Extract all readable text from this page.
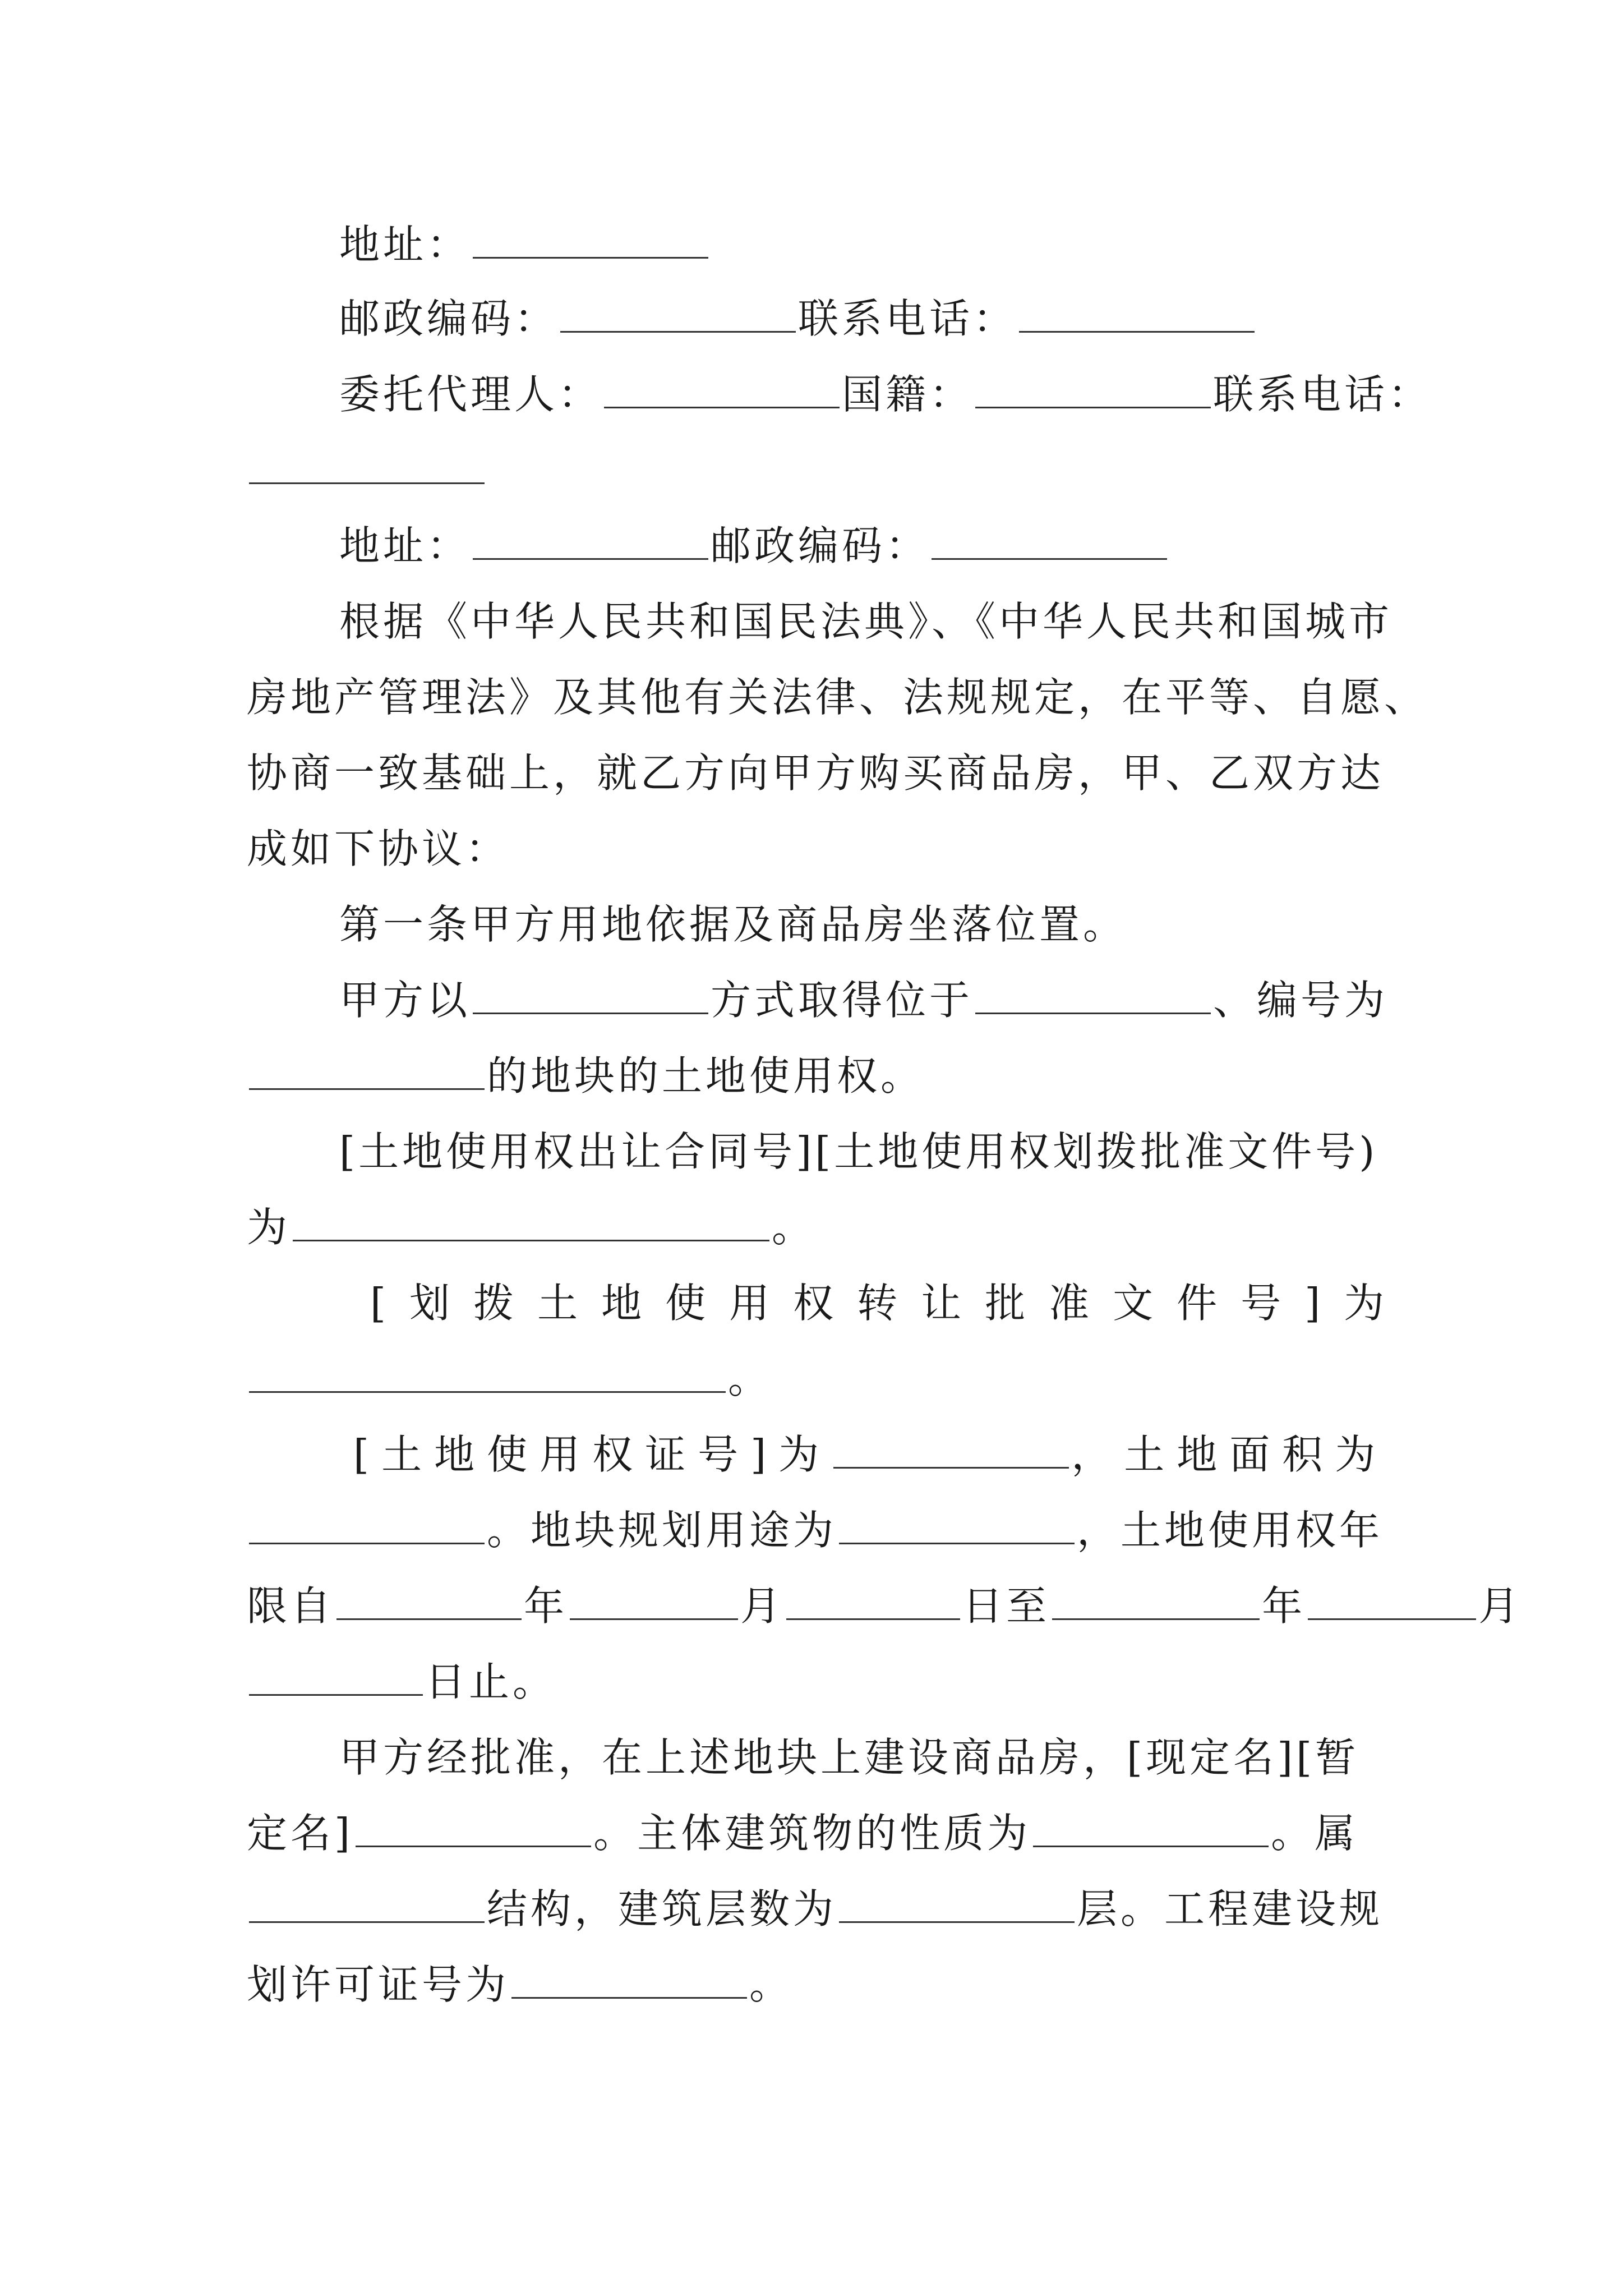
地址：
邮政编码：	联系电话：
委托代理人：	国籍：	联系电话：
地址：	邮政编码：
根据《中华人民共和国民法典》、《中华人民共和国城市
房地产管理法》及其他有关法律、法规规定，在平等、自愿、
协商一致基础上，就乙方向甲方购买商品房，甲、乙双方达
成如下协议：
第一条甲方用地依据及商品房坐落位置。
甲方以	方式取得位于	、编号为
的地块的土地使用权。
[土地使用权出让合同号][土地使用权划拨批准文件号)
为	。
[划拨土地使用权转让批准文件号]为
。
[土地使用权证号]为	，土地面积为
。地块规划用途为	，土地使用权年
限自	年	月	日至	年	月
日止。
甲方经批准，在上述地块上建设商品房，[现定名][暂
定名]	。主体建筑物的性质为	。属
结构，建筑层数为	层。工程建设规
划许可证号为	。
